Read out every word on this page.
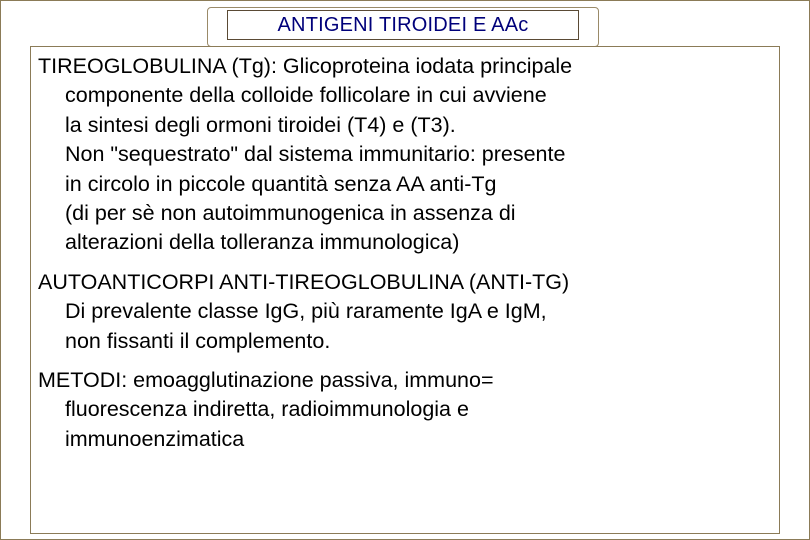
ANTIGENI TIROIDEI E AAc
TIREOGLOBULINA (Tg): Glicoproteina iodata principale
componente della colloide follicolare in cui avviene
la sintesi degli ormoni tiroidei (T4) e (T3).
Non "sequestrato" dal sistema immunitario: presente
in circolo in piccole quantità senza AA anti-Tg
(di per sè non autoimmunogenica in assenza di
alterazioni della tolleranza immunologica)
AUTOANTICORPI ANTI-TIREOGLOBULINA (ANTI-TG)
Di prevalente classe IgG, più raramente IgA e IgM,
non fissanti il complemento.
METODI: emoagglutinazione passiva, immuno=
fluorescenza indiretta, radioimmunologia e
immunoenzimatica
